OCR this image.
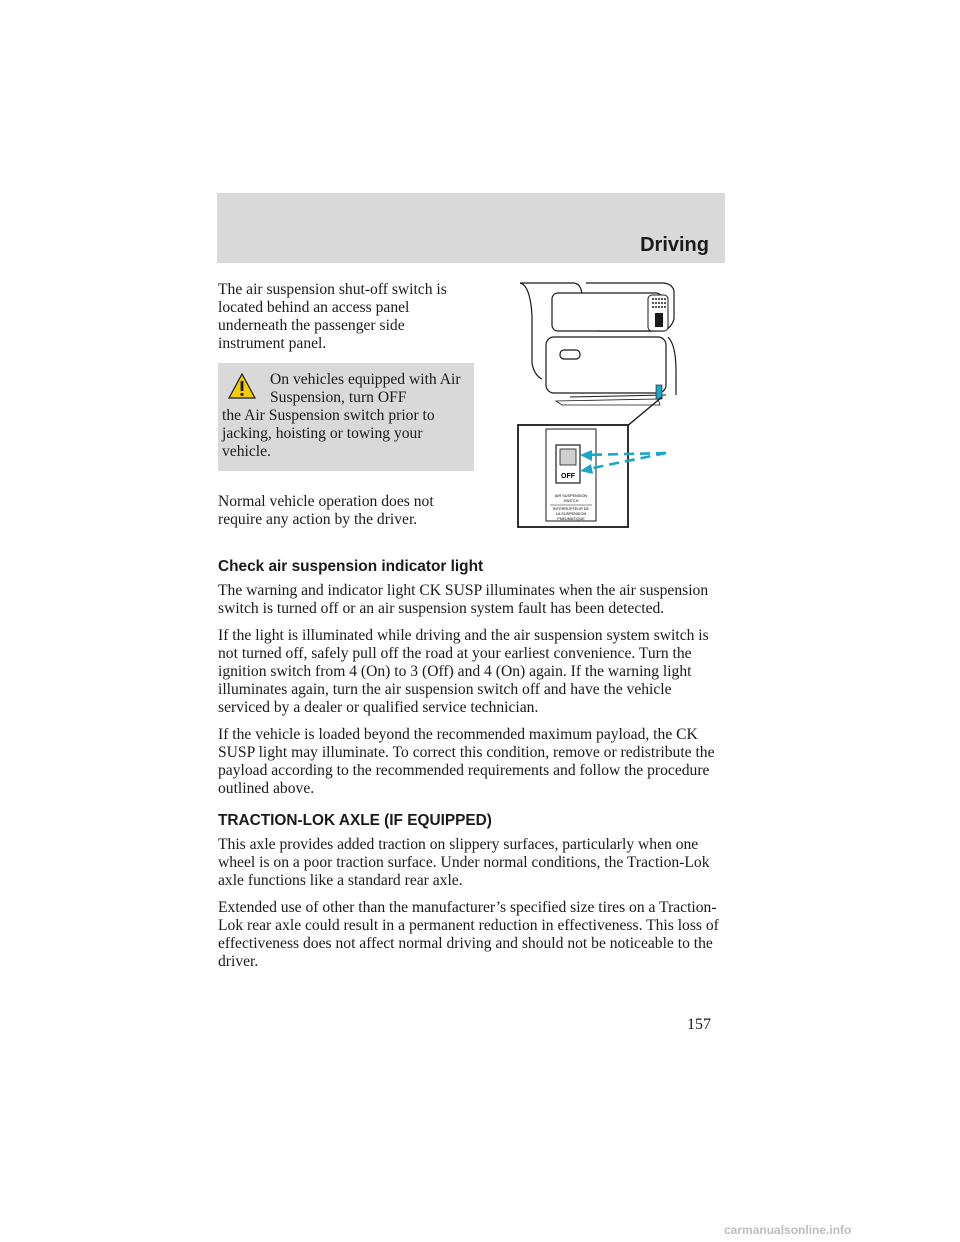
Driving

The air suspension shut-off switch is located behind an access panel underneath the passenger side instrument panel.

On vehicles equipped with Air Suspension, turn OFF
the Air Suspension switch prior to jacking, hoisting or towing your vehicle.

Normal vehicle operation does not require any action by the driver.

OFF
AIR SUSPENSION
SWITCH
INTERRUPTEUR DE
LA SUSPENSION
PNEUMATIQUE
Check air suspension indicator light

The warning and indicator light CK SUSP illuminates when the air suspension switch is turned off or an air suspension system fault has been detected.

If the light is illuminated while driving and the air suspension system switch is not turned off, safely pull off the road at your earliest convenience. Turn the ignition switch from 4 (On) to 3 (Off) and 4 (On) again. If the warning light illuminates again, turn the air suspension switch off and have the vehicle serviced by a dealer or qualified service technician.

If the vehicle is loaded beyond the recommended maximum payload, the CK SUSP light may illuminate. To correct this condition, remove or redistribute the payload according to the recommended requirements and follow the procedure outlined above.

TRACTION-LOK AXLE (IF EQUIPPED)

This axle provides added traction on slippery surfaces, particularly when one wheel is on a poor traction surface. Under normal conditions, the Traction-Lok axle functions like a standard rear axle.

Extended use of other than the manufacturer’s specified size tires on a Traction-Lok rear axle could result in a permanent reduction in effectiveness. This loss of effectiveness does not affect normal driving and should not be noticeable to the driver.

157
carmanualsonline.info
